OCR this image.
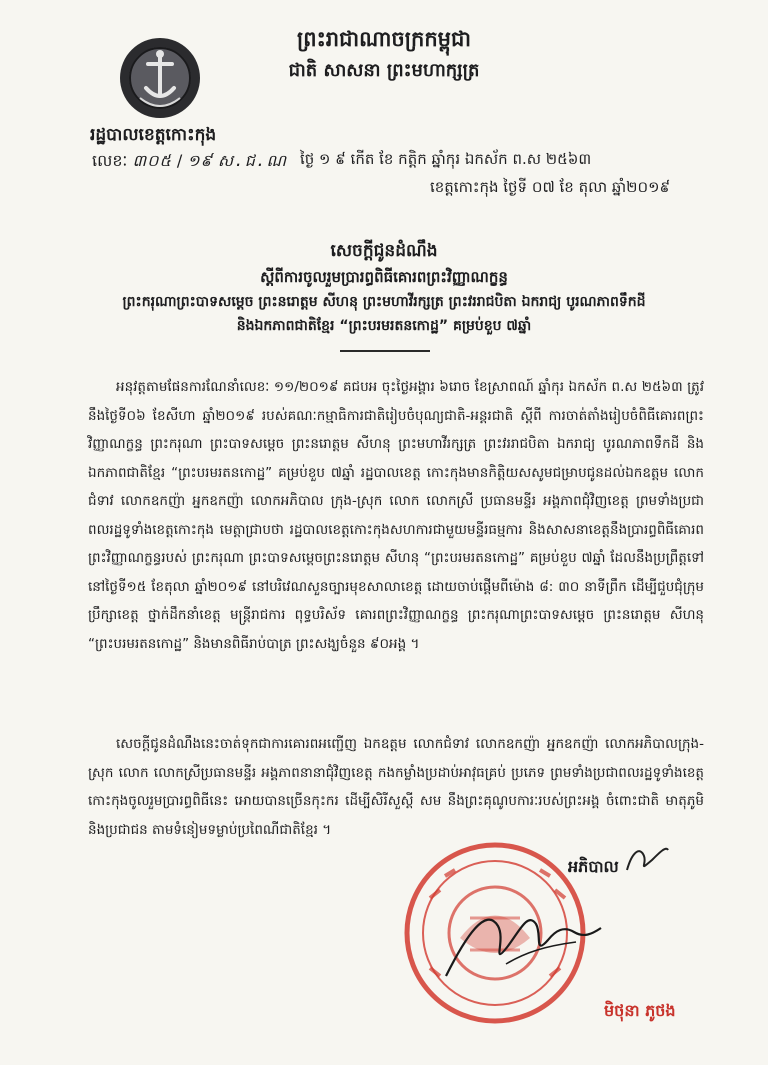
ព្រះរាជាណាចក្រកម្ពុជា
ជាតិ សាសនា ព្រះមហាក្សត្រ
រដ្ឋបាលខេត្តកោះកុង
លេខៈ ៣០៥ / ១៩ ស.ជ.ណ ថ្ងៃ ១ ៩ កើត ខែ កត្តិក ឆ្នាំកុរ ឯកស័ក ព.ស ២៥៦៣
ខេត្តកោះកុង ថ្ងៃទី ០៧ ខែ តុលា ឆ្នាំ២០១៩
សេចក្តីជូនដំណឹង
ស្តីពីការចូលរួមប្រារព្ធពិធីគោរពព្រះវិញ្ញាណក្ខន្ធ
ព្រះករុណាព្រះបាទសម្តេច ព្រះនរោត្តម សីហនុ ព្រះមហាវីរក្សត្រ ព្រះវររាជបិតា ឯករាជ្យ បូរណភាពទឹកដី
និងឯកភាពជាតិខ្មែរ “ព្រះបរមរតនកោដ្ឋ” គម្រប់ខួប ៧ឆ្នាំ
អនុវត្តតាមផែនការណែនាំលេខៈ ១១/២០១៩ គជបអ ចុះថ្ងៃអង្គារ ៦រោច ខែស្រាពណ៍ ឆ្នាំកុរ ឯកស័ក ព.ស ២៥៦៣ ត្រូវនឹងថ្ងៃទី០៦ ខែសីហា ឆ្នាំ២០១៩ របស់គណៈកម្មាធិការជាតិរៀបចំបុណ្យជាតិ-អន្តរជាតិ ស្តីពី ការចាត់តាំងរៀបចំពិធីគោរពព្រះវិញ្ញាណក្ខន្ធ ព្រះករុណា ព្រះបាទសម្តេច ព្រះនរោត្តម សីហនុ ព្រះមហាវីរក្សត្រ ព្រះវររាជបិតា ឯករាជ្យ បូរណភាពទឹកដី និងឯកភាពជាតិខ្មែរ “ព្រះបរមរតនកោដ្ឋ” គម្រប់ខួប ៧ឆ្នាំ រដ្ឋបាលខេត្ត កោះកុងមានកិត្តិយសសូមជម្រាបជូនដល់ឯកឧត្តម លោកជំទាវ លោកឧកញ៉ា អ្នកឧកញ៉ា លោកអភិបាល ក្រុង-ស្រុក លោក លោកស្រី ប្រធានមន្ទីរ អង្គភាពជុំវិញខេត្ត ព្រមទាំងប្រជាពលរដ្ឋទូទាំងខេត្តកោះកុង មេត្តាជ្រាបថា រដ្ឋបាលខេត្តកោះកុងសហការជាមួយមន្ទីរធម្មការ និងសាសនាខេត្តនឹងប្រារព្ធពិធីគោរព ព្រះវិញ្ញាណក្ខន្ធរបស់ ព្រះករុណា ព្រះបាទសម្តេចព្រះនរោត្តម សីហនុ “ព្រះបរមរតនកោដ្ឋ” គម្រប់ខួប ៧ឆ្នាំ ដែលនឹងប្រព្រឹត្តទៅនៅថ្ងៃទី១៥ ខែតុលា ឆ្នាំ២០១៩ នៅបរិវេណសួនច្បារមុខសាលាខេត្ត ដោយចាប់ផ្តើមពីម៉ោង ៨: ៣០ នាទីព្រឹក ដើម្បីជួបជុំក្រុមប្រឹក្សាខេត្ត ថ្នាក់ដឹកនាំខេត្ត មន្ត្រីរាជការ ពុទ្ធបរិស័ទ គោរពព្រះវិញ្ញាណក្ខន្ធ ព្រះករុណាព្រះបាទសម្តេច ព្រះនរោត្តម សីហនុ “ព្រះបរមរតនកោដ្ឋ” និងមានពិធីរាប់បាត្រ ព្រះសង្ឃចំនួន ៩០អង្គ ។
សេចក្តីជូនដំណឹងនេះចាត់ទុកជាការគោរពអញ្ជើញ ឯកឧត្តម លោកជំទាវ លោកឧកញ៉ា អ្នកឧកញ៉ា លោកអភិបាលក្រុង-ស្រុក លោក លោកស្រីប្រធានមន្ទីរ អង្គភាពនានាជុំវិញខេត្ត កងកម្លាំងប្រដាប់អាវុធគ្រប់ ប្រភេទ ព្រមទាំងប្រជាពលរដ្ឋទូទាំងខេត្តកោះកុងចូលរួមប្រារព្ធពិធីនេះ អោយបានច្រើនកុះករ ដើម្បីសិរីសួស្តី សម នឹងព្រះគុណូបការៈរបស់ព្រះអង្គ ចំពោះជាតិ មាតុភូមិ និងប្រជាជន តាមទំនៀមទម្លាប់ប្រពៃណីជាតិខ្មែរ ។
អភិបាល
មិថុនា ភូថង
